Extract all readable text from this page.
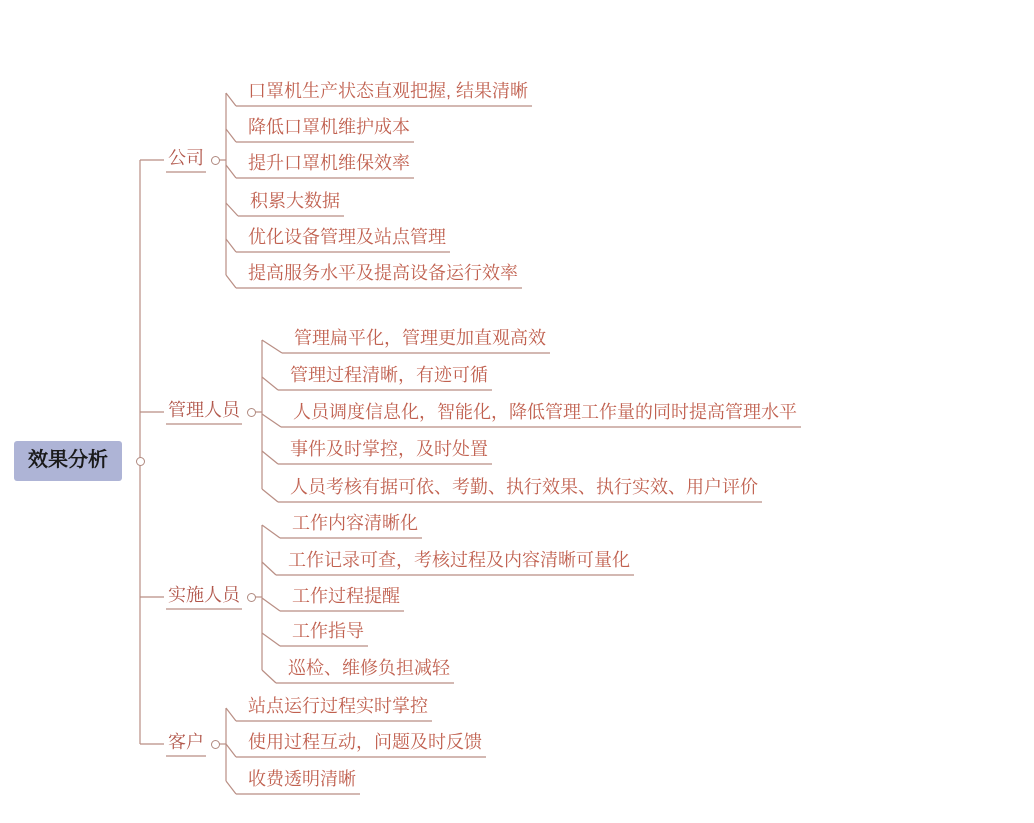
效果分析
公司
口罩机生产状态直观把握, 结果清晰
降低口罩机维护成本
提升口罩机维保效率
积累大数据
优化设备管理及站点管理
提高服务水平及提高设备运行效率
管理人员
管理扁平化，管理更加直观高效
管理过程清晰，有迹可循
人员调度信息化，智能化，降低管理工作量的同时提高管理水平
事件及时掌控，及时处置
人员考核有据可依、考勤、执行效果、执行实效、用户评价
实施人员
工作内容清晰化
工作记录可查，考核过程及内容清晰可量化
工作过程提醒
工作指导
巡检、维修负担减轻
客户
站点运行过程实时掌控
使用过程互动，问题及时反馈
收费透明清晰
